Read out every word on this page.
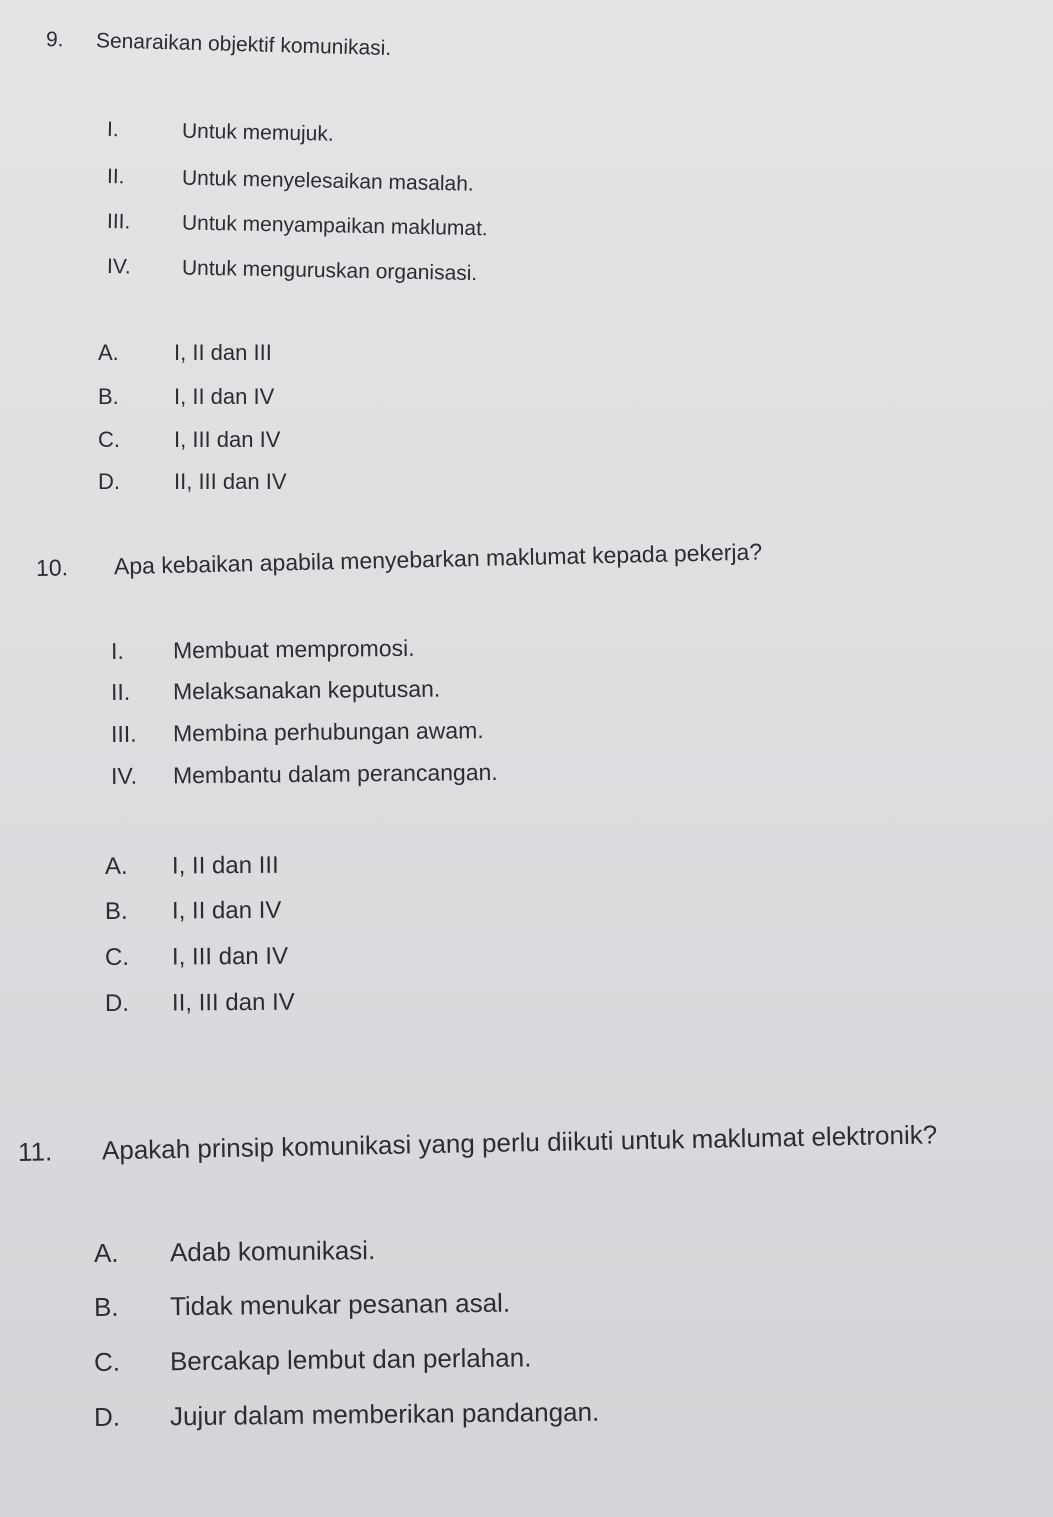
9.	Senaraikan objektif komunikasi.
I.	Untuk memujuk.
II.	Untuk menyelesaikan masalah.
III.	Untuk menyampaikan maklumat.
IV.	Untuk menguruskan organisasi.
A.	I, II dan III
B.	I, II dan IV
C.	I, III dan IV
D.	II, III dan IV
10.	Apa kebaikan apabila menyebarkan maklumat kepada pekerja?
I.	Membuat mempromosi.
II.	Melaksanakan keputusan.
III.	Membina perhubungan awam.
IV.	Membantu dalam perancangan.
A.	I, II dan III
B.	I, II dan IV
C.	I, III dan IV
D.	II, III dan IV
11.	Apakah prinsip komunikasi yang perlu diikuti untuk maklumat elektronik?
A.	Adab komunikasi.
B.	Tidak menukar pesanan asal.
C.	Bercakap lembut dan perlahan.
D.	Jujur dalam memberikan pandangan.
